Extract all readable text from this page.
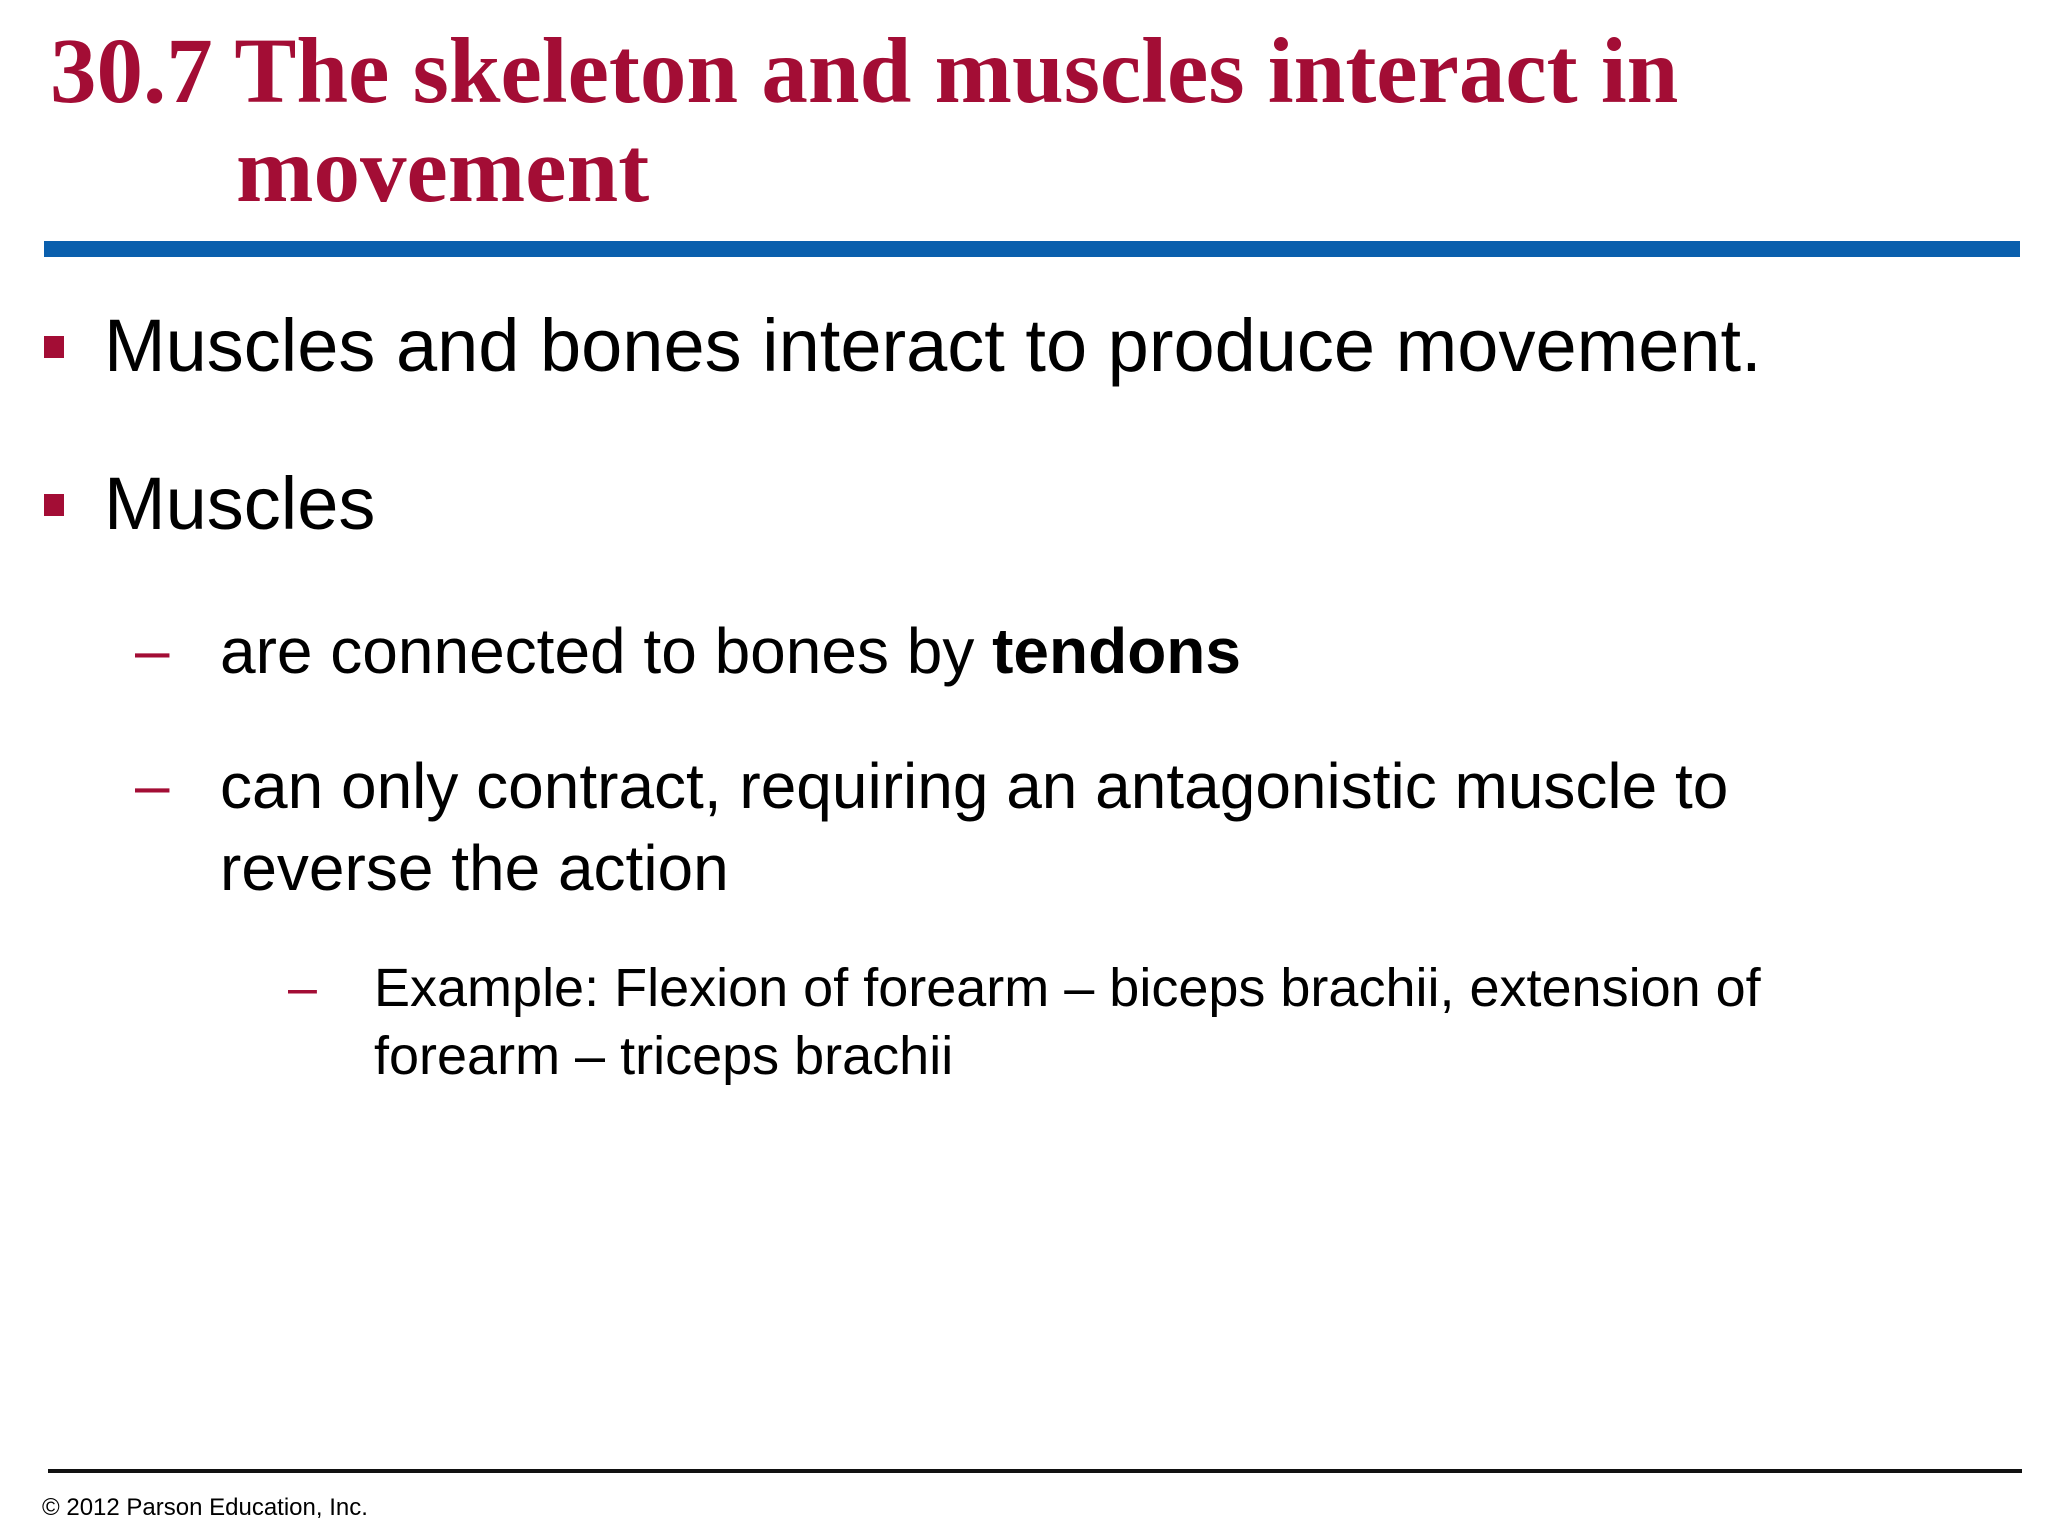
30.7 The skeleton and muscles interact in
movement
Muscles and bones interact to produce movement.
Muscles
– are connected to bones by tendons
– can only contract, requiring an antagonistic muscle to
reverse the action
– Example: Flexion of forearm – biceps brachii, extension of
forearm – triceps brachii
© 2012 Parson Education, Inc.
